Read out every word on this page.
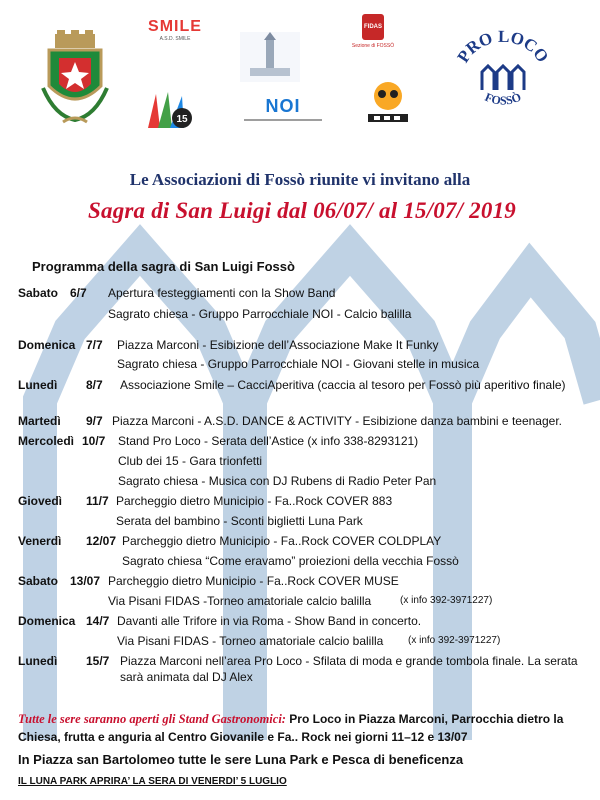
SMILE
A.S.D. SMILE
15
NOI
FIDAS
Sezione di FOSSÒ
PRO LOCO
FOSSÒ
Le Associazioni di Fossò riunite vi invitano alla
Sagra di San Luigi dal 06/07/ al 15/07/ 2019
Programma della sagra di San Luigi Fossò
Sabato 6/7 Apertura festeggiamenti con la Show Band
Sagrato chiesa - Gruppo Parrocchiale NOI - Calcio balilla
Domenica 7/7 Piazza Marconi - Esibizione dell’Associazione Make It Funky
Sagrato chiesa - Gruppo Parrocchiale NOI - Giovani stelle in musica
Lunedì 8/7 Associazione Smile – CacciAperitiva (caccia al tesoro per Fossò più aperitivo finale)
Martedì 9/7 Piazza Marconi - A.S.D. DANCE & ACTIVITY - Esibizione danza bambini e teenager.
Mercoledì 10/7 Stand Pro Loco - Serata dell’Astice (x info 338-8293121)
Club dei 15 - Gara trionfetti
Sagrato chiesa - Musica con DJ Rubens di Radio Peter Pan
Giovedì 11/7 Parcheggio dietro Municipio - Fa..Rock COVER 883
Serata del bambino - Sconti biglietti Luna Park
Venerdì 12/07 Parcheggio dietro Municipio - Fa..Rock COVER COLDPLAY
Sagrato chiesa “Come eravamo” proiezioni della vecchia Fossò
Sabato 13/07 Parcheggio dietro Municipio - Fa..Rock COVER MUSE
Via Pisani FIDAS -Torneo amatoriale calcio balilla	(x info 392-3971227)
Domenica 14/7 Davanti alle Trifore in via Roma - Show Band in concerto.
Via Pisani FIDAS - Torneo amatoriale calcio balilla (x info 392-3971227)
Lunedì 15/7 Piazza Marconi nell’area Pro Loco - Sfilata di moda e grande tombola finale. La serata sarà animata dal DJ Alex
Tutte le sere saranno aperti gli Stand Gastronomici: Pro Loco in Piazza Marconi, Parrocchia dietro la Chiesa, frutta e anguria al Centro Giovanile e Fa.. Rock nei giorni 11–12 e 13/07
In Piazza san Bartolomeo tutte le sere Luna Park e Pesca di beneficenza
IL LUNA PARK APRIRA’ LA SERA DI VENERDI’ 5 LUGLIO
